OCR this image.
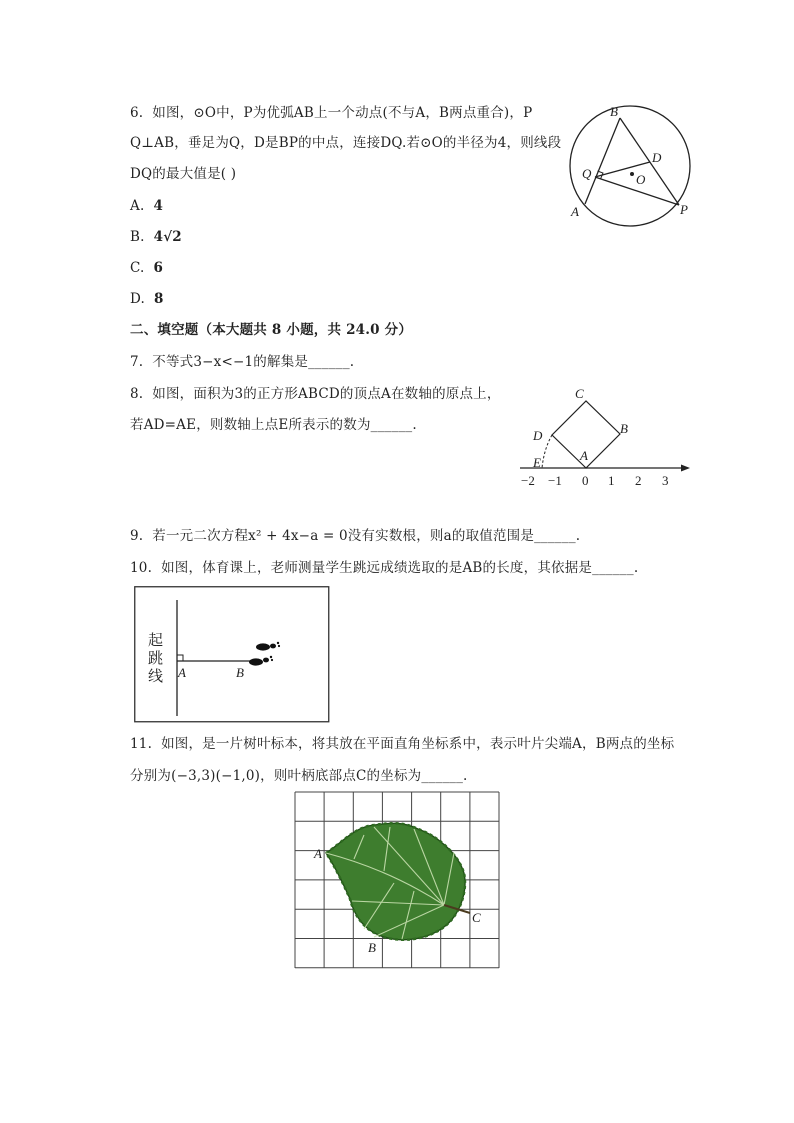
6. 如图，⊙O中，P为优弧AB上一个动点(不与A，B两点重合)，P
Q⊥AB，垂足为Q，D是BP的中点，连接DQ.若⊙O的半径为4，则线段
DQ的最大值是( )
A. 4
B. 4√2
C. 6
D. 8
B
D
Q	O
A	P
二、填空题（本大题共 8 小题，共 24.0 分）
7. 不等式3−x<−1的解集是______.
8. 如图，面积为3的正方形ABCD的顶点A在数轴的原点上，
若AD=AE，则数轴上点E所表示的数为______.
C
D	B
A
E
−2 −1 0 1 2 3
9. 若一元二次方程x² + 4x−a = 0没有实数根，则a的取值范围是______.
10. 如图，体育课上，老师测量学生跳远成绩选取的是AB的长度，其依据是______.
起
跳
线 A	B
11. 如图，是一片树叶标本，将其放在平面直角坐标系中，表示叶片尖端A，B两点的坐标
分别为(−3,3)(−1,0)，则叶柄底部点C的坐标为______.
A
C
B
